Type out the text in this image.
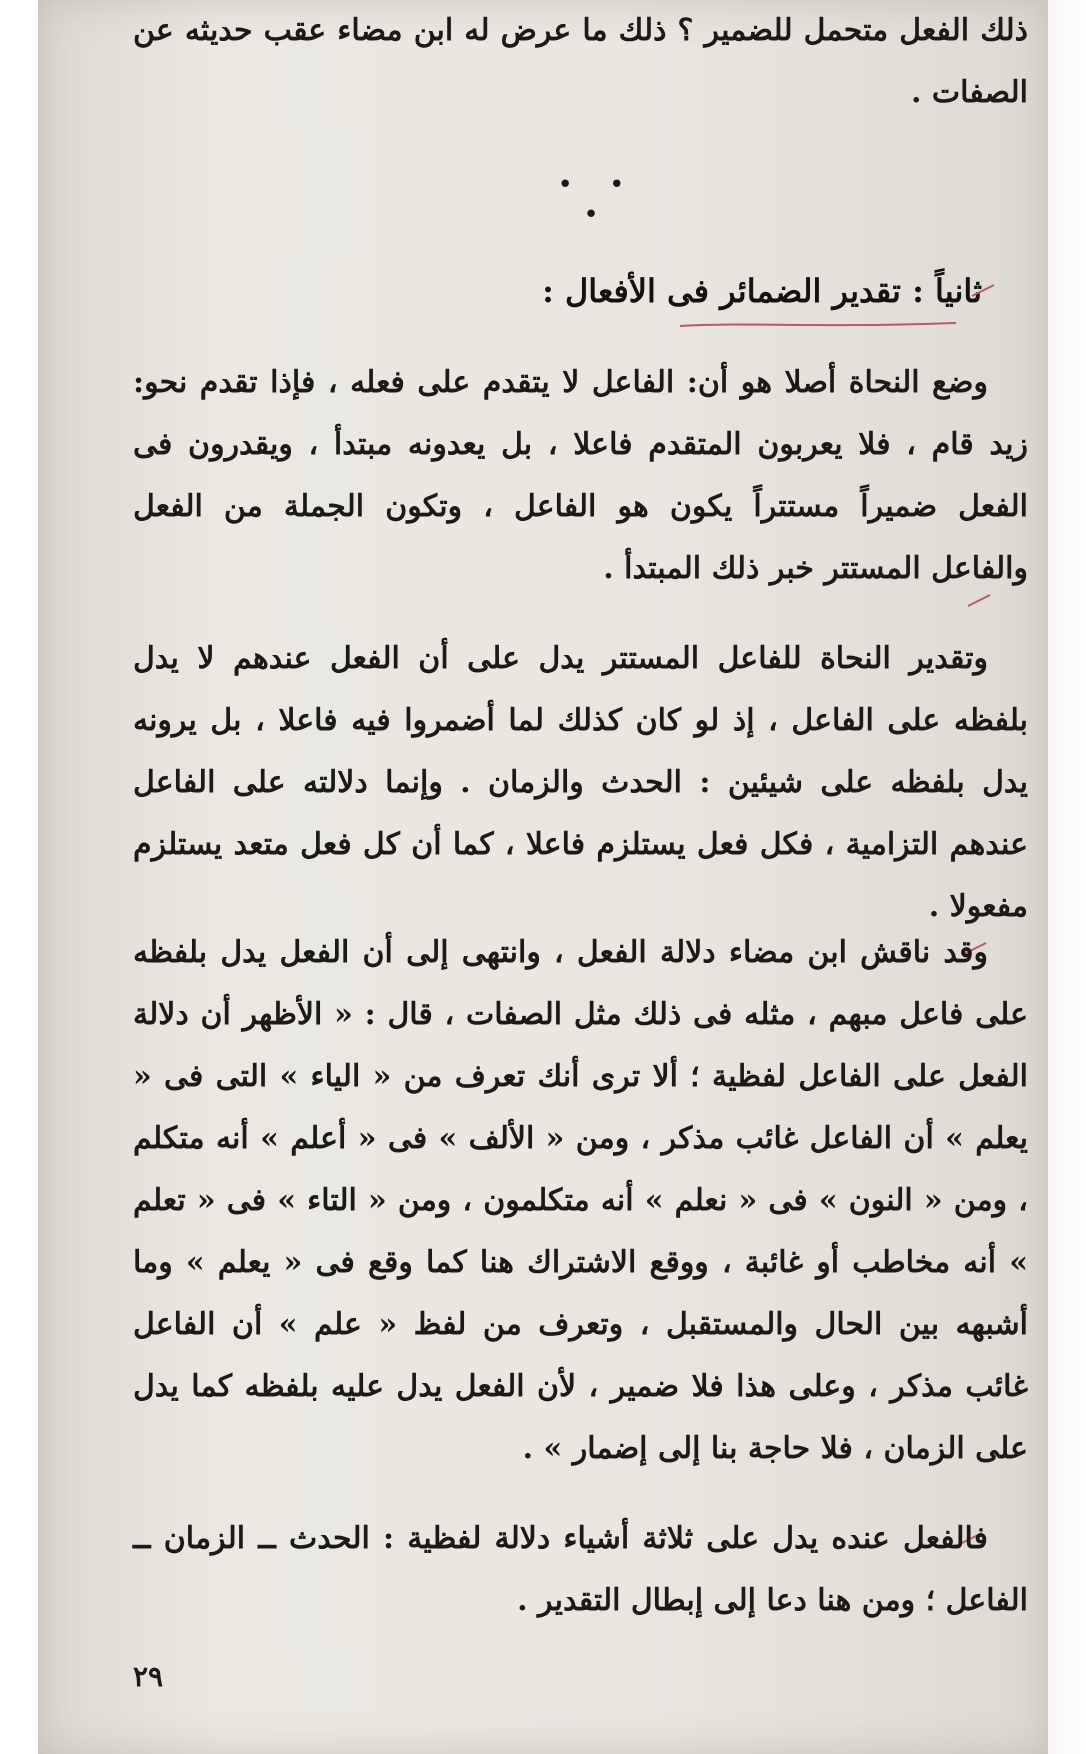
ذلك الفعل متحمل للضمير ؟ ذلك ما عرض له ابن مضاء عقب حديثه عن الصفات .
• • •
ثانياً : تقدير الضمائر فى الأفعال :
وضع النحاة أصلا هو أن: الفاعل لا يتقدم على فعله ، فإذا تقدم نحو: زيد قام ، فلا يعربون المتقدم فاعلا ، بل يعدونه مبتدأ ، ويقدرون فى الفعل ضميراً مستتراً يكون هو الفاعل ، وتكون الجملة من الفعل والفاعل المستتر خبر ذلك المبتدأ .
وتقدير النحاة للفاعل المستتر يدل على أن الفعل عندهم لا يدل بلفظه على الفاعل ، إذ لو كان كذلك لما أضمروا فيه فاعلا ، بل يرونه يدل بلفظه على شيئين : الحدث والزمان . وإنما دلالته على الفاعل عندهم التزامية ، فكل فعل يستلزم فاعلا ، كما أن كل فعل متعد يستلزم مفعولا .
وقد ناقش ابن مضاء دلالة الفعل ، وانتهى إلى أن الفعل يدل بلفظه على فاعل مبهم ، مثله فى ذلك مثل الصفات ، قال : « الأظهر أن دلالة الفعل على الفاعل لفظية ؛ ألا ترى أنك تعرف من « الياء » التى فى « يعلم » أن الفاعل غائب مذكر ، ومن « الألف » فى « أعلم » أنه متكلم ، ومن « النون » فى « نعلم » أنه متكلمون ، ومن « التاء » فى « تعلم » أنه مخاطب أو غائبة ، ووقع الاشتراك هنا كما وقع فى « يعلم » وما أشبهه بين الحال والمستقبل ، وتعرف من لفظ « علم » أن الفاعل غائب مذكر ، وعلى هذا فلا ضمير ، لأن الفعل يدل عليه بلفظه كما يدل على الزمان ، فلا حاجة بنا إلى إضمار » .
فالفعل عنده يدل على ثلاثة أشياء دلالة لفظية : الحدث ــ الزمان ــ الفاعل ؛ ومن هنا دعا إلى إبطال التقدير .
٢٩
